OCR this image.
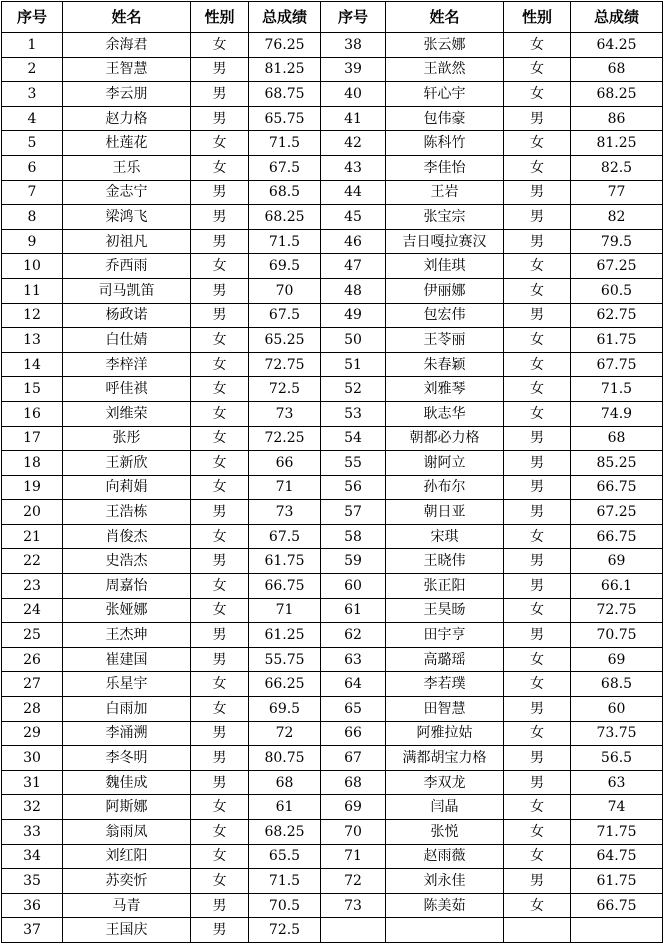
序号	姓名	性别	总成绩	序号	姓名	性别	总成绩
1	余海君	女	76.25	38	张云娜	女	64.25
2	王智慧	男	81.25	39	王歆然	女	68
3	李云朋	男	68.75	40	轩心宇	女	68.25
4	赵力格	男	65.75	41	包伟豪	男	86
5	杜莲花	女	71.5	42	陈科竹	女	81.25
6	王乐	女	67.5	43	李佳怡	女	82.5
7	金志宁	男	68.5	44	王岩	男	77
8	梁鸿飞	男	68.25	45	张宝宗	男	82
9	初祖凡	男	71.5	46	吉日嘎拉赛汉	男	79.5
10	乔西雨	女	69.5	47	刘佳琪	女	67.25
11	司马凯笛	男	70	48	伊丽娜	女	60.5
12	杨政诺	男	67.5	49	包宏伟	男	62.75
13	白仕婧	女	65.25	50	王苓丽	女	61.75
14	李梓洋	女	72.75	51	朱春颖	女	67.75
15	呼佳祺	女	72.5	52	刘雅琴	女	71.5
16	刘维荣	女	73	53	耿志华	女	74.9
17	张彤	女	72.25	54	朝都必力格	男	68
18	王新欣	女	66	55	谢阿立	男	85.25
19	向莉娟	女	71	56	孙布尔	男	66.75
20	王浩栋	男	73	57	朝日亚	男	67.25
21	肖俊杰	女	67.5	58	宋琪	女	66.75
22	史浩杰	男	61.75	59	王晓伟	男	69
23	周嘉怡	女	66.75	60	张正阳	男	66.1
24	张娅娜	女	71	61	王昊旸	女	72.75
25	王杰珅	男	61.25	62	田宇亨	男	70.75
26	崔建国	男	55.75	63	高璐瑶	女	69
27	乐星宇	女	66.25	64	李若璞	女	68.5
28	白雨加	女	69.5	65	田智慧	男	60
29	李涌溯	男	72	66	阿雅拉姑	女	73.75
30	李冬明	男	80.75	67	满都胡宝力格	男	56.5
31	魏佳成	男	68	68	李双龙	男	63
32	阿斯娜	女	61	69	闫晶	女	74
33	翁雨凤	女	68.25	70	张悦	女	71.75
34	刘红阳	女	65.5	71	赵雨薇	女	64.75
35	苏奕忻	女	71.5	72	刘永佳	男	61.75
36	马青	男	70.5	73	陈美茹	女	66.75
37	王国庆	男	72.5				
